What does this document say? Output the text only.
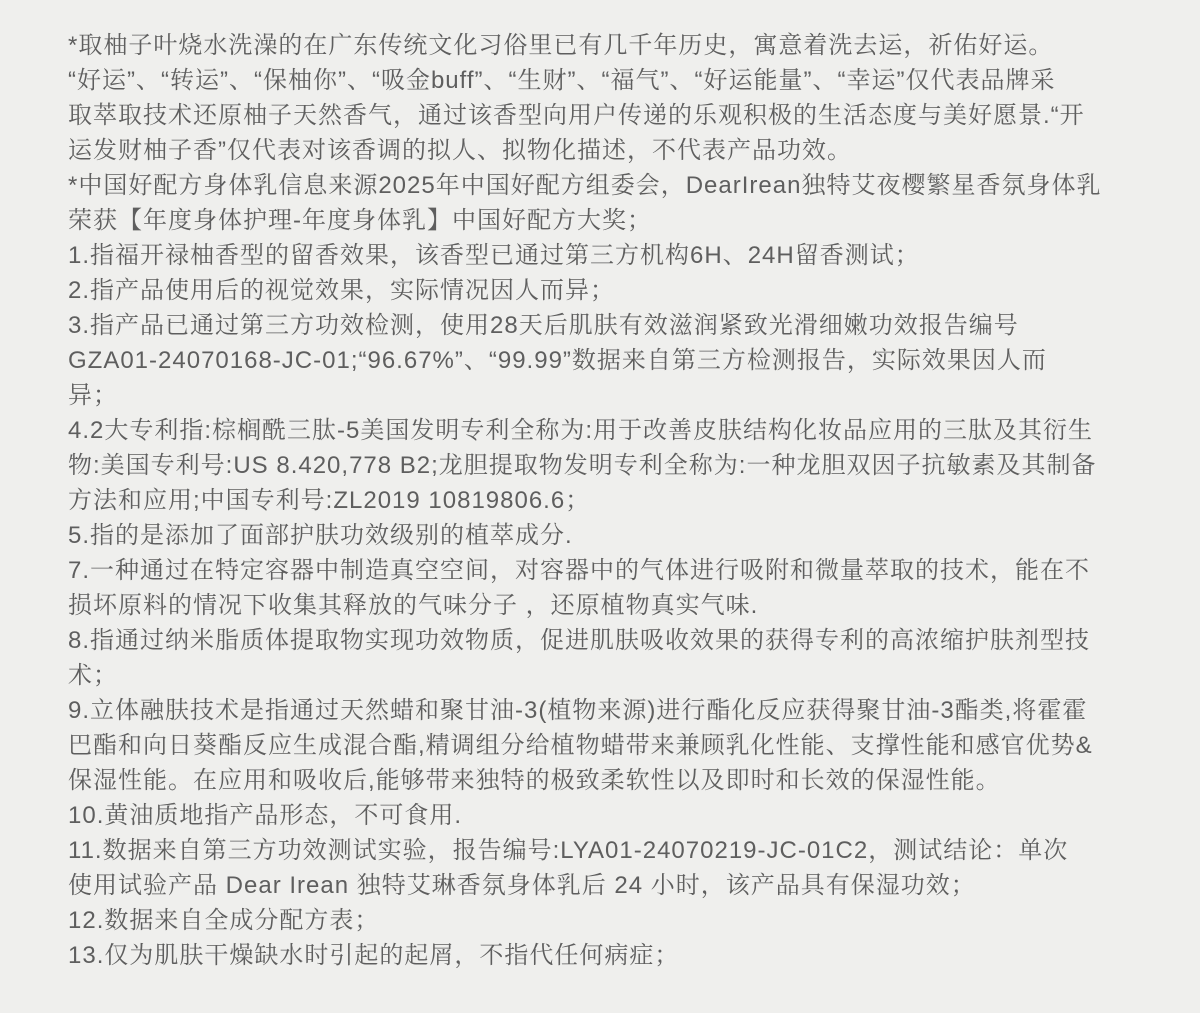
*取柚子叶烧水洗澡的在广东传统文化习俗里已有几千年历史，寓意着洗去运，祈佑好运。
“好运”、“转运”、“保柚你”、“吸金buff”、“生财”、“福气”、“好运能量”、“幸运”仅代表品牌采
取萃取技术还原柚子天然香气，通过该香型向用户传递的乐观积极的生活态度与美好愿景.“开
运发财柚子香”仅代表对该香调的拟人、拟物化描述，不代表产品功效。
*中国好配方身体乳信息来源2025年中国好配方组委会，DearIrean独特艾夜樱繁星香氛身体乳
荣获【年度身体护理-年度身体乳】中国好配方大奖；
1.指福开禄柚香型的留香效果，该香型已通过第三方机构6H、24H留香测试；
2.指产品使用后的视觉效果，实际情况因人而异；
3.指产品已通过第三方功效检测，使用28天后肌肤有效滋润紧致光滑细嫩功效报告编号
GZA01-24070168-JC-01;“96.67%”、“99.99”数据来自第三方检测报告，实际效果因人而
异；
4.2大专利指:棕榈酰三肽-5美国发明专利全称为:用于改善皮肤结构化妆品应用的三肽及其衍生
物:美国专利号:US 8.420,778 B2;龙胆提取物发明专利全称为:一种龙胆双因子抗敏素及其制备
方法和应用;中国专利号:ZL2019 10819806.6；
5.指的是添加了面部护肤功效级别的植萃成分.
7.一种通过在特定容器中制造真空空间，对容器中的气体进行吸附和微量萃取的技术，能在不
损坏原料的情况下收集其释放的气味分子 ，还原植物真实气味.
8.指通过纳米脂质体提取物实现功效物质，促进肌肤吸收效果的获得专利的高浓缩护肤剂型技
术；
9.立体融肤技术是指通过天然蜡和聚甘油-3(植物来源)进行酯化反应获得聚甘油-3酯类,将霍霍
巴酯和向日葵酯反应生成混合酯,精调组分给植物蜡带来兼顾乳化性能、支撑性能和感官优势&
保湿性能。在应用和吸收后,能够带来独特的极致柔软性以及即时和长效的保湿性能。
10.黄油质地指产品形态，不可食用.
11.数据来自第三方功效测试实验，报告编号:LYA01-24070219-JC-01C2，测试结论：单次
使用试验产品 Dear Irean 独特艾琳香氛身体乳后 24 小时，该产品具有保湿功效；
12.数据来自全成分配方表；
13.仅为肌肤干燥缺水时引起的起屑，不指代任何病症；
